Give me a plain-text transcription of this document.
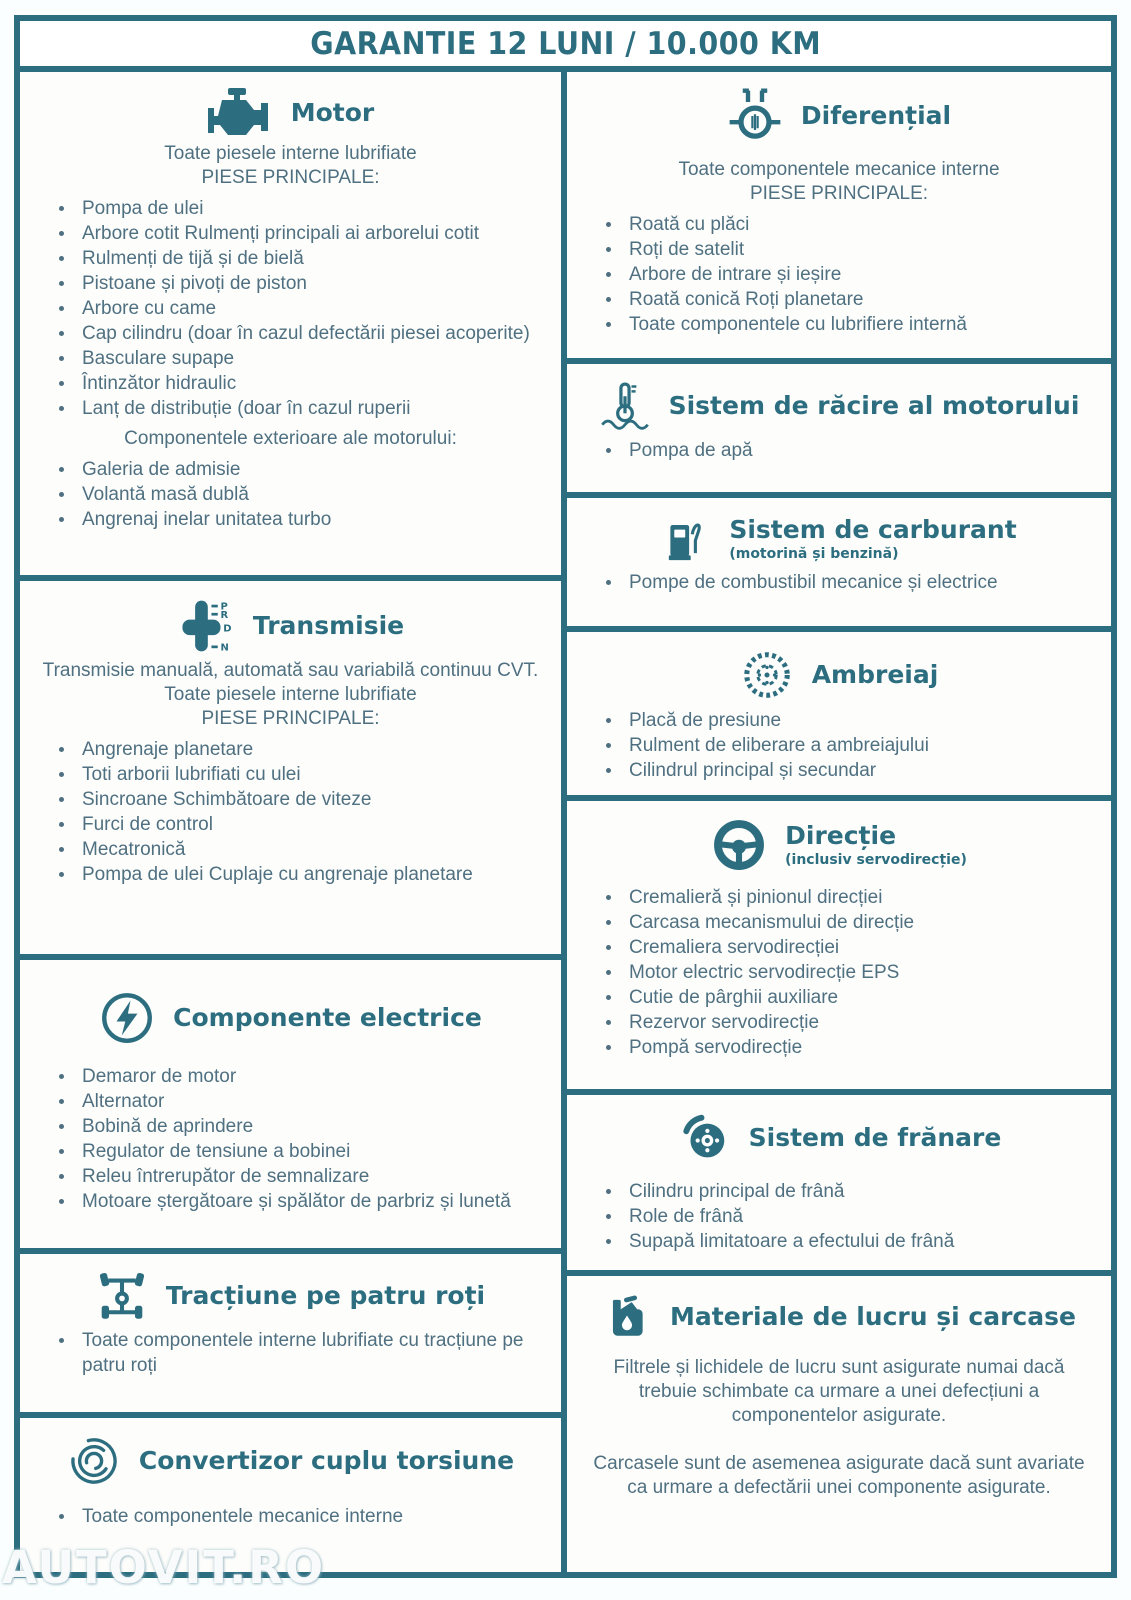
GARANTIE 12 LUNI / 10.000 KM
Motor
Toate piesele interne lubrifiate
PIESE PRINCIPALE:
• Pompa de ulei
• Arbore cotit Rulmenți principali ai arborelui cotit
• Rulmenți de tijă și de bielă
• Pistoane și pivoți de piston
• Arbore cu came
• Cap cilindru (doar în cazul defectării piesei acoperite)
• Basculare supape
• Întinzător hidraulic
• Lanț de distribuție (doar în cazul ruperii
Componentele exterioare ale motorului:
• Galeria de admisie
• Volantă masă dublă
• Angrenaj inelar unitatea turbo
P
R
D
N
Transmisie
Transmisie manuală, automată sau variabilă continuu CVT.
Toate piesele interne lubrifiate
PIESE PRINCIPALE:
• Angrenaje planetare
• Toti arborii lubrifiati cu ulei
• Sincroane Schimbătoare de viteze
• Furci de control
• Mecatronică
• Pompa de ulei Cuplaje cu angrenaje planetare
Componente electrice
• Demaror de motor
• Alternator
• Bobină de aprindere
• Regulator de tensiune a bobinei
• Releu întrerupător de semnalizare
• Motoare ștergătoare și spălător de parbriz și lunetă
Tracțiune pe patru roți
• Toate componentele interne lubrifiate cu tracțiune pe patru roți
Convertizor cuplu torsiune
• Toate componentele mecanice interne
Diferențial
Toate componentele mecanice interne
PIESE PRINCIPALE:
• Roată cu plăci
• Roți de satelit
• Arbore de intrare și ieșire
• Roată conică Roți planetare
• Toate componentele cu lubrifiere internă
Sistem de răcire al motorului
• Pompa de apă
Sistem de carburant
(motorină și benzină)
• Pompe de combustibil mecanice și electrice
Ambreiaj
• Placă de presiune
• Rulment de eliberare a ambreiajului
• Cilindrul principal și secundar
Direcție
(inclusiv servodirecție)
• Cremalieră și pinionul direcției
• Carcasa mecanismului de direcție
• Cremaliera servodirecției
• Motor electric servodirecție EPS
• Cutie de pârghii auxiliare
• Rezervor servodirecție
• Pompă servodirecție
Sistem de frănare
• Cilindru principal de frână
• Role de frână
• Supapă limitatoare a efectului de frână
Materiale de lucru și carcase

Filtrele și lichidele de lucru sunt asigurate numai dacă trebuie schimbate ca urmare a unei defecțiuni a componentelor asigurate.

Carcasele sunt de asemenea asigurate dacă sunt avariate ca urmare a defectării unei componente asigurate.

AUTOVIT.RO
